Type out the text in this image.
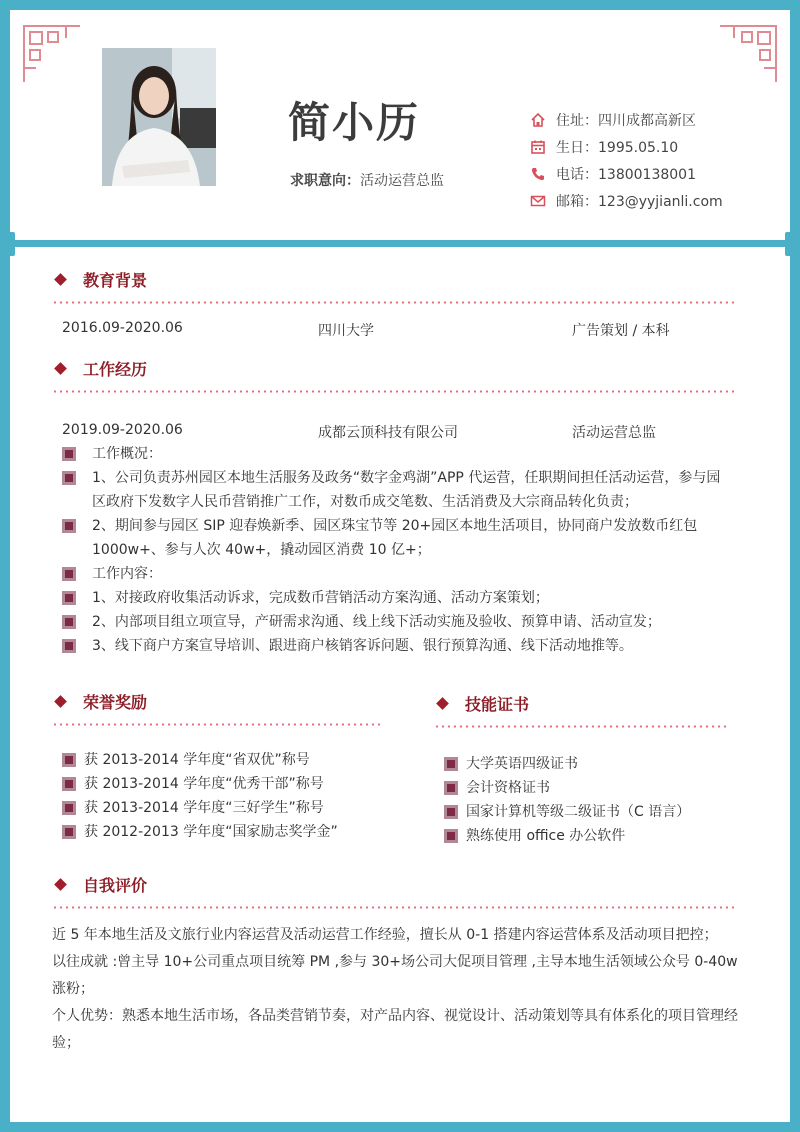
简小历
求职意向：活动运营总监
住址：四川成都高新区
生日：1995.05.10
电话：13800138001
邮箱：123@yyjianli.com
教育背景
2016.09-2020.06	四川大学	广告策划 / 本科
工作经历
2019.09-2020.06	成都云顶科技有限公司	活动运营总监
工作概况：
1、公司负责苏州园区本地生活服务及政务“数字金鸡湖”APP 代运营，任职期间担任活动运营，参与园区政府下发数字人民币营销推广工作，对数币成交笔数、生活消费及大宗商品转化负责；
2、期间参与园区 SIP 迎春焕新季、园区珠宝节等 20+园区本地生活项目，协同商户发放数币红包 1000w+、参与人次 40w+，撬动园区消费 10 亿+；
工作内容：
1、对接政府收集活动诉求，完成数币营销活动方案沟通、活动方案策划；
2、内部项目组立项宣导，产研需求沟通、线上线下活动实施及验收、预算申请、活动宣发；
3、线下商户方案宣导培训、跟进商户核销客诉问题、银行预算沟通、线下活动地推等。
荣誉奖励
获 2013-2014 学年度“省双优”称号
获 2013-2014 学年度“优秀干部”称号
获 2013-2014 学年度“三好学生”称号
获 2012-2013 学年度“国家励志奖学金”
技能证书
大学英语四级证书
会计资格证书
国家计算机等级二级证书（C 语言）
熟练使用 office 办公软件
自我评价
近 5 年本地生活及文旅行业内容运营及活动运营工作经验，擅长从 0-1 搭建内容运营体系及活动项目把控；
以往成就 :曾主导 10+公司重点项目统筹 PM ,参与 30+场公司大促项目管理 ,主导本地生活领域公众号 0-40w 涨粉；
个人优势：熟悉本地生活市场，各品类营销节奏，对产品内容、视觉设计、活动策划等具有体系化的项目管理经验；
